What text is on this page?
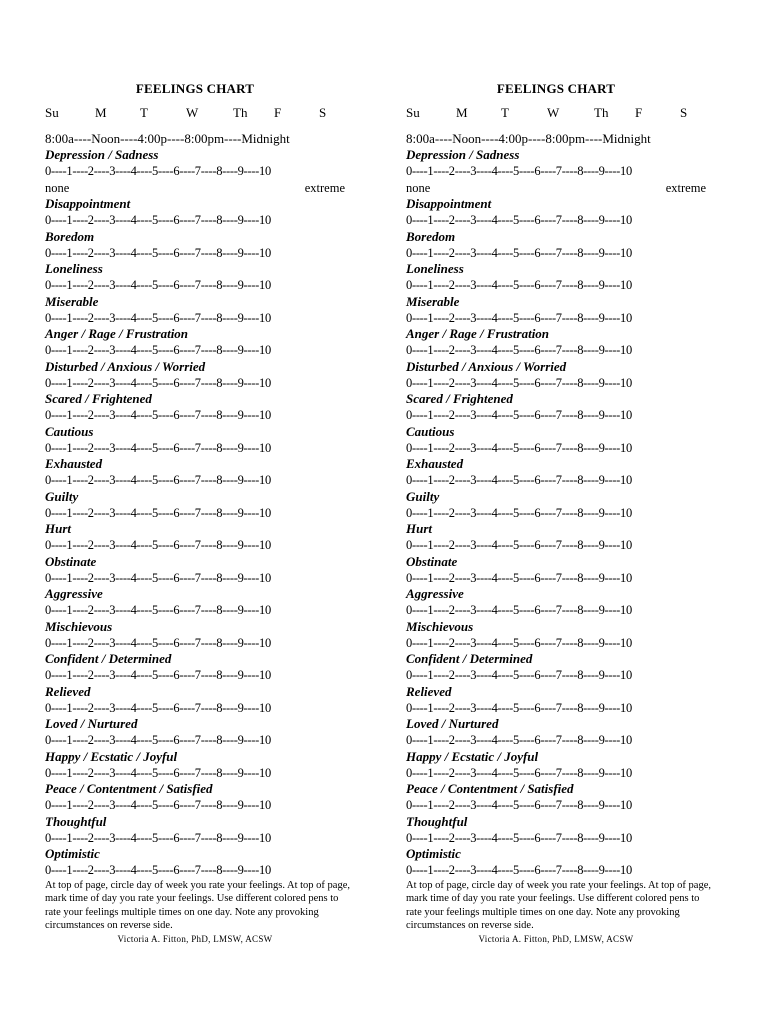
FEELINGS CHART
Su	M	T	W	Th	F	S
8:00a----Noon----4:00p----8:00pm----Midnight
Depression / Sadness
0----1----2----3----4----5----6----7----8----9----10
none	extreme
Disappointment
0----1----2----3----4----5----6----7----8----9----10
Boredom
0----1----2----3----4----5----6----7----8----9----10
Loneliness
0----1----2----3----4----5----6----7----8----9----10
Miserable
0----1----2----3----4----5----6----7----8----9----10
Anger / Rage / Frustration
0----1----2----3----4----5----6----7----8----9----10
Disturbed / Anxious / Worried
0----1----2----3----4----5----6----7----8----9----10
Scared / Frightened
0----1----2----3----4----5----6----7----8----9----10
Cautious
0----1----2----3----4----5----6----7----8----9----10
Exhausted
0----1----2----3----4----5----6----7----8----9----10
Guilty
0----1----2----3----4----5----6----7----8----9----10
Hurt
0----1----2----3----4----5----6----7----8----9----10
Obstinate
0----1----2----3----4----5----6----7----8----9----10
Aggressive
0----1----2----3----4----5----6----7----8----9----10
Mischievous
0----1----2----3----4----5----6----7----8----9----10
Confident / Determined
0----1----2----3----4----5----6----7----8----9----10
Relieved
0----1----2----3----4----5----6----7----8----9----10
Loved / Nurtured
0----1----2----3----4----5----6----7----8----9----10
Happy / Ecstatic / Joyful
0----1----2----3----4----5----6----7----8----9----10
Peace / Contentment / Satisfied
0----1----2----3----4----5----6----7----8----9----10
Thoughtful
0----1----2----3----4----5----6----7----8----9----10
Optimistic
0----1----2----3----4----5----6----7----8----9----10
At top of page, circle day of week you rate your feelings. At top of page, mark time of day you rate your feelings. Use different colored pens to rate your feelings multiple times on one day. Note any provoking circumstances on reverse side.
Victoria A. Fitton, PhD, LMSW, ACSW
FEELINGS CHART
Su	M	T	W	Th	F	S
8:00a----Noon----4:00p----8:00pm----Midnight
Depression / Sadness
0----1----2----3----4----5----6----7----8----9----10
none	extreme
Disappointment
0----1----2----3----4----5----6----7----8----9----10
Boredom
0----1----2----3----4----5----6----7----8----9----10
Loneliness
0----1----2----3----4----5----6----7----8----9----10
Miserable
0----1----2----3----4----5----6----7----8----9----10
Anger / Rage / Frustration
0----1----2----3----4----5----6----7----8----9----10
Disturbed / Anxious / Worried
0----1----2----3----4----5----6----7----8----9----10
Scared / Frightened
0----1----2----3----4----5----6----7----8----9----10
Cautious
0----1----2----3----4----5----6----7----8----9----10
Exhausted
0----1----2----3----4----5----6----7----8----9----10
Guilty
0----1----2----3----4----5----6----7----8----9----10
Hurt
0----1----2----3----4----5----6----7----8----9----10
Obstinate
0----1----2----3----4----5----6----7----8----9----10
Aggressive
0----1----2----3----4----5----6----7----8----9----10
Mischievous
0----1----2----3----4----5----6----7----8----9----10
Confident / Determined
0----1----2----3----4----5----6----7----8----9----10
Relieved
0----1----2----3----4----5----6----7----8----9----10
Loved / Nurtured
0----1----2----3----4----5----6----7----8----9----10
Happy / Ecstatic / Joyful
0----1----2----3----4----5----6----7----8----9----10
Peace / Contentment / Satisfied
0----1----2----3----4----5----6----7----8----9----10
Thoughtful
0----1----2----3----4----5----6----7----8----9----10
Optimistic
0----1----2----3----4----5----6----7----8----9----10
At top of page, circle day of week you rate your feelings. At top of page, mark time of day you rate your feelings. Use different colored pens to rate your feelings multiple times on one day. Note any provoking circumstances on reverse side.
Victoria A. Fitton, PhD, LMSW, ACSW
